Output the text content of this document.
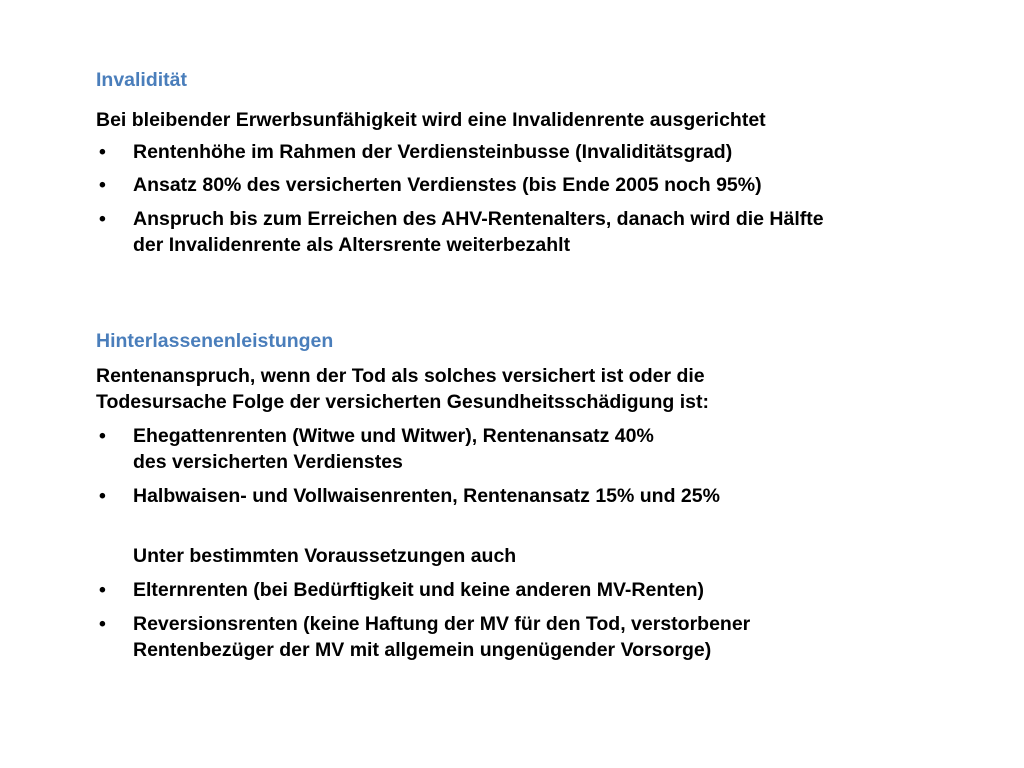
Invalidität

Bei bleibender Erwerbsunfähigkeit wird eine Invalidenrente ausgerichtet

• Rentenhöhe im Rahmen der Verdiensteinbusse (Invaliditätsgrad)
• Ansatz 80% des versicherten Verdienstes (bis Ende 2005 noch 95%)
• Anspruch bis zum Erreichen des AHV-Rentenalters, danach wird die Hälfte
der Invalidenrente als Altersrente weiterbezahlt
Hinterlassenenleistungen

Rentenanspruch, wenn der Tod als solches versichert ist oder die
Todesursache Folge der versicherten Gesundheitsschädigung ist:

• Ehegattenrenten (Witwe und Witwer), Rentenansatz 40%
des versicherten Verdienstes
• Halbwaisen- und Vollwaisenrenten, Rentenansatz 15% und 25%

Unter bestimmten Voraussetzungen auch

• Elternrenten (bei Bedürftigkeit und keine anderen MV-Renten)
• Reversionsrenten (keine Haftung der MV für den Tod, verstorbener
Rentenbezüger der MV mit allgemein ungenügender Vorsorge)
